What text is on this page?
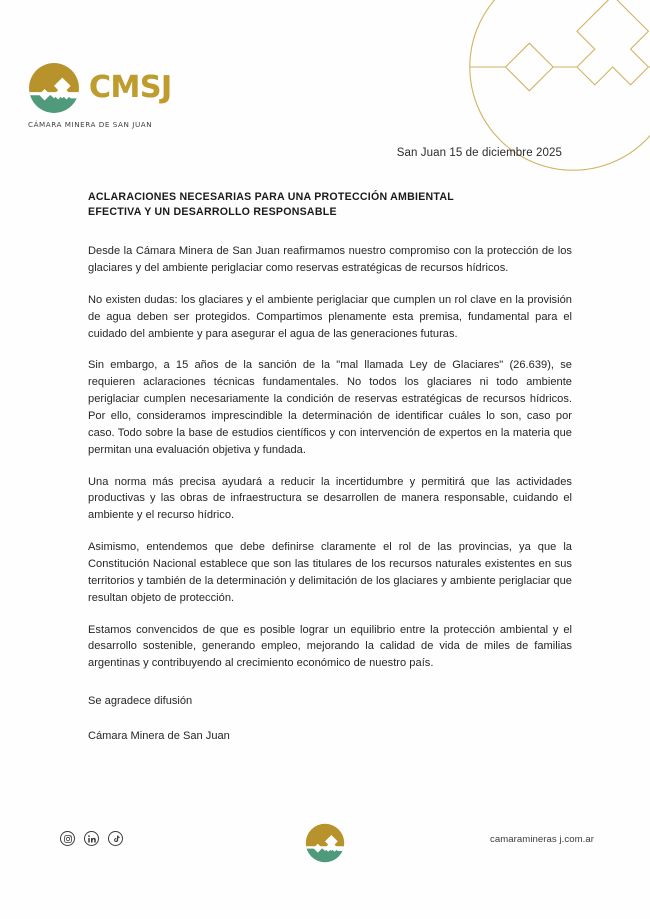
CMSJ
CÁMARA MINERA DE SAN JUAN
San Juan 15 de diciembre 2025
ACLARACIONES NECESARIAS PARA UNA PROTECCIÓN AMBIENTAL
EFECTIVA Y UN DESARROLLO RESPONSABLE

Desde la Cámara Minera de San Juan reafirmamos nuestro compromiso con la protección de los glaciares y del ambiente periglaciar como reservas estratégicas de recursos hídricos.

No existen dudas: los glaciares y el ambiente periglaciar que cumplen un rol clave en la provisión de agua deben ser protegidos. Compartimos plenamente esta premisa, fundamental para el cuidado del ambiente y para asegurar el agua de las generaciones futuras.

Sin embargo, a 15 años de la sanción de la "mal llamada Ley de Glaciares" (26.639), se requieren aclaraciones técnicas fundamentales. No todos los glaciares ni todo ambiente periglaciar cumplen necesariamente la condición de reservas estratégicas de recursos hídricos. Por ello, consideramos imprescindible la determinación de identificar cuáles lo son, caso por caso. Todo sobre la base de estudios científicos y con intervención de expertos en la materia que permitan una evaluación objetiva y fundada.

Una norma más precisa ayudará a reducir la incertidumbre y permitirá que las actividades productivas y las obras de infraestructura se desarrollen de manera responsable, cuidando el ambiente y el recurso hídrico.

Asimismo, entendemos que debe definirse claramente el rol de las provincias, ya que la Constitución Nacional establece que son las titulares de los recursos naturales existentes en sus territorios y también de la determinación y delimitación de los glaciares y ambiente periglaciar que resultan objeto de protección.

Estamos convencidos de que es posible lograr un equilibrio entre la protección ambiental y el desarrollo sostenible, generando empleo, mejorando la calidad de vida de miles de familias argentinas y contribuyendo al crecimiento económico de nuestro país.

Se agradece difusión

Cámara Minera de San Juan

camaramineras j.com.ar
